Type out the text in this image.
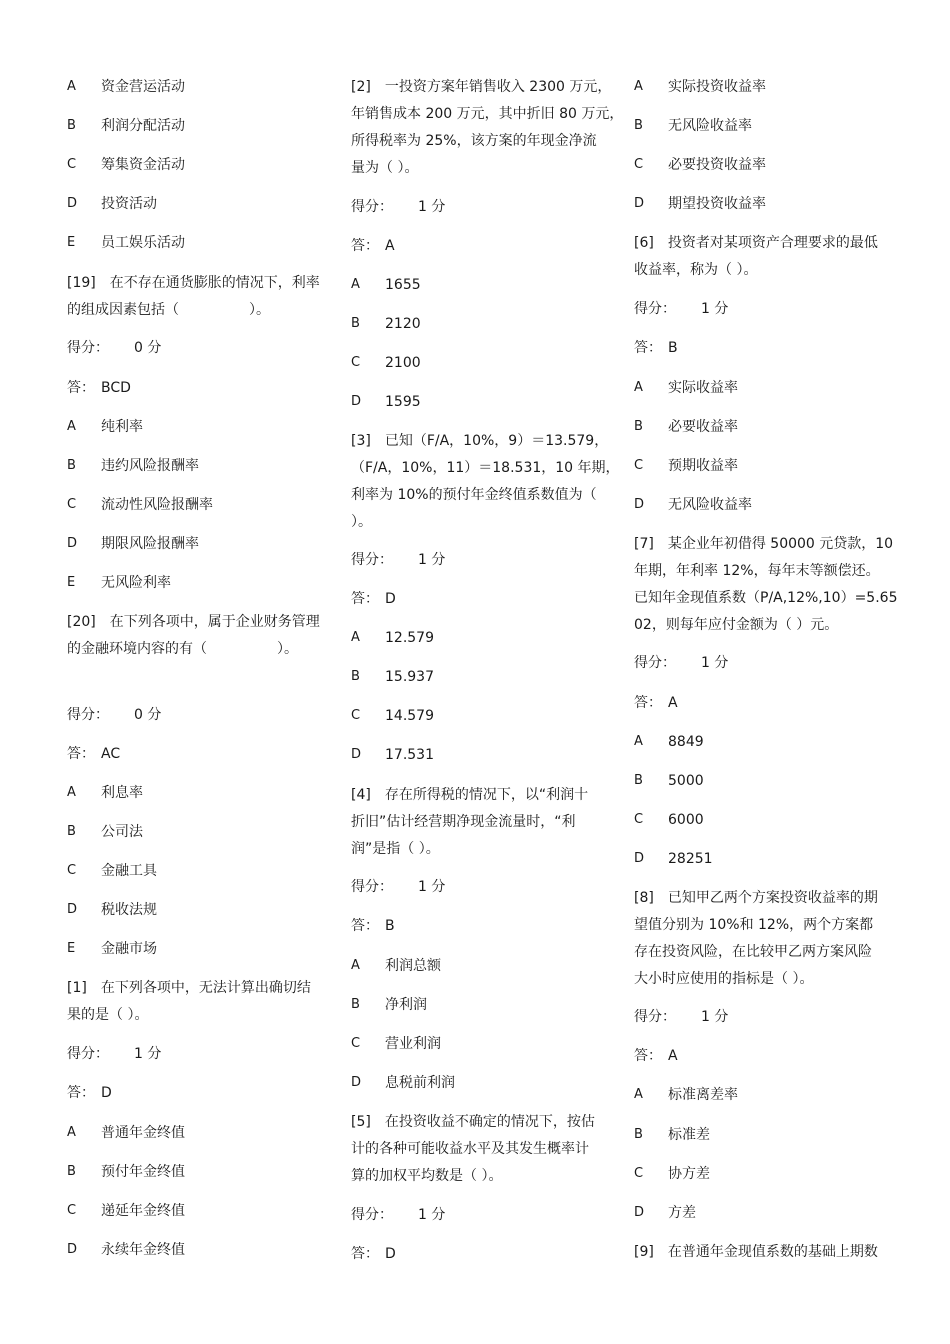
A 资金营运活动
B 利润分配活动
C 筹集资金活动
D 投资活动
E 员工娱乐活动
[19]　在不存在通货膨胀的情况下，利率
的组成因素包括（　　　　　）。
得分： 0 分
答： BCD
A 纯利率
B 违约风险报酬率
C 流动性风险报酬率
D 期限风险报酬率
E 无风险利率
[20]　在下列各项中，属于企业财务管理
的金融环境内容的有（　　　　　）。
得分： 0 分
答： AC
A 利息率
B 公司法
C 金融工具
D 税收法规
E 金融市场
[1]　在下列各项中，无法计算出确切结
果的是（ ）。
得分： 1 分
答： D
A 普通年金终值
B 预付年金终值
C 递延年金终值
D 永续年金终值
[2]　一投资方案年销售收入 2300 万元，
年销售成本 200 万元，其中折旧 80 万元，
所得税率为 25%，该方案的年现金净流
量为（ ）。
得分： 1 分
答： A
A 1655
B 2120
C 2100
D 1595
[3]　已知（F/A，10%，9）＝13.579，
（F/A，10%，11）＝18.531，10 年期，
利率为 10%的预付年金终值系数值为（
）。
得分： 1 分
答： D
A 12.579
B 15.937
C 14.579
D 17.531
[4]　存在所得税的情况下，以“利润十
折旧”估计经营期净现金流量时，“利
润”是指（ ）。
得分： 1 分
答： B
A 利润总额
B 净利润
C 营业利润
D 息税前利润
[5]　在投资收益不确定的情况下，按估
计的各种可能收益水平及其发生概率计
算的加权平均数是（ ）。
得分： 1 分
答： D
A 实际投资收益率
B 无风险收益率
C 必要投资收益率
D 期望投资收益率
[6]　投资者对某项资产合理要求的最低
收益率，称为（ ）。
得分： 1 分
答： B
A 实际收益率
B 必要收益率
C 预期收益率
D 无风险收益率
[7]　某企业年初借得 50000 元贷款，10
年期，年利率 12%，每年末等额偿还。
已知年金现值系数（P/A,12%,10）=5.65
02，则每年应付金额为（ ）元。
得分： 1 分
答： A
A 8849
B 5000
C 6000
D 28251
[8]　已知甲乙两个方案投资收益率的期
望值分别为 10%和 12%，两个方案都
存在投资风险，在比较甲乙两方案风险
大小时应使用的指标是（ ）。
得分： 1 分
答： A
A 标准离差率
B 标准差
C 协方差
D 方差
[9]　在普通年金现值系数的基础上期数
